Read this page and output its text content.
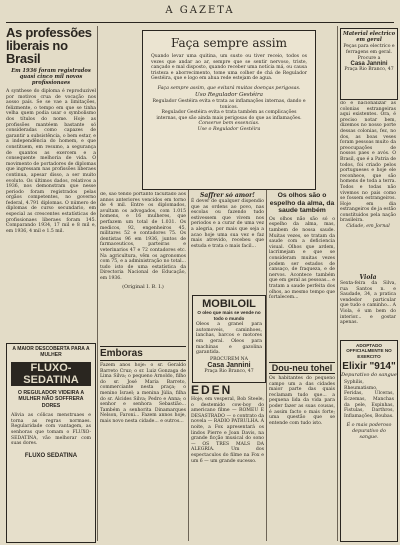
A GAZETA
As professões liberais no Brasil
Em 1936 foram registrados quasi cinco mil novos profissionaes
A synthese do diploma é reproduzivel por motivos crua de vocação nos aosso país. Se se vae a limitações, felizmente, o tempo em que se tinha velha quem podia usar o symbolismo dos títulos do nome. Hoje as profissões mantéem bastante só consideradas como capazes de garantir a subsistência, o bem estar, e a independência do homem, e que constituem, em resumo, a segurança de quantos as exercem e a consequente melhoria de vida. O movimento de portadores de diplomas que ingressam nas profissões liberaes continua, apesar disso, a ser muito evoluto. Os últimos dados, relativos a 1936, nos demonstram que nesse periodo foram registrados pelas orgãos competentes, no governo federal, 4.791 diplomas. O número de diplomas de curso secundario, em especial as crescentes estatísticas de profissionaes liberaes foram 145. Comparando 1934, 17 mil e 8 mil e, em 1936, 4 mil e 1.5 mil.
A MAIOR DESCOBERTA PARA A MULHER
FLUXO-SEDATINA
O REGULADOR VIDEIRA A MULHER NÃO SOFFRERA DORES
Alivia as cólicas menstruaes e torna as regras normaes. Regularidade com vantagem, as senhoras que tomam o FLUXO-SEDATINA, vão melhorar com suas dores.
FLUXO SEDATINA
Faça sempre assim
Quando levar uma quitina, um susto ou tiver receio, todos os vezes que andar ao ar, sempre que se sentir nervoso, triste, cançado e mal disposto, quando receber uma notícia má, ou causa tristeza e aborrecimento, tome uma colher de chá de Regulador Gestéira, que e logo em ahua rede estejam de agua.
Faça sempre assim, que evitará muitas doenças perigosas.
Uso Regulador Gestéira
Regulador Gestéira evita e trata as inflamações internas, dando e tonicos.
Regulador Gestéira evita e trata também as complicações internas, que são ainda mais perigosas do que as inflamações.
Conserve bem essencias.
Use o Regulador Gestéira
de, são tendo portanto facultado aos annos anteriores vencidos em torno de 4 mil. Entre os diplomados, avultam os advogados, com 1.015 homens, e 16 mulheres, que perfazem um total de 1.031. Os medicos, 92, engenheiros 45, militares 52 e contadores 75. Os dentistas 96 em 1936, juntos de farmaceuticos, parteiras e veterinarios 47 e 72 contadores etc. Na agricultura, vêm os agronomos com 75, e a administração no total... tudo isto de uma estatística da Directoria Nacional de Educação, em 1936.
(Original I. B. I.)
Emboras
Fazem anos hoje: o sr. Geraldo Barreto Cruz; o sr. Luiz Gonzaga de Lima Silva; o pequeno Arnoldo, filho do sr. José Maria Barreto, commerciante nesta praça; o menino Israel; a menina Júlia, filha do sr. Alcides Silva; Pedro e Anna; o senhor e senhora Sebastião... Também a senhorita Dinamarques Nelson, Faroni... Fazem annos hoje, mais novo nesta cidade... e outros...
Saffrer só amor!
É dever de qualquer dispendio que as ordens ao povo, nas escolas ou fazendo tudo estivessem que vivem nos periodos e a curar de uma vez a alegria, por mais que seja a acao hoje uma sua vez e faz mais atrevido, recebeu que estuda e trata o mais facil...
MOBILOIL
O oleo que mais se vende no todo o mundo
Oleos a granel para automoveis, caminhoes, lanchas, barcos e motores em geral. Oleos para machinas e gazolina garantida.
PROCUREM NA
Casa Jannini
Praça Rio Branco, 47
EDEN
Hoje, em vesperal, Bob Steele, o destemido cow-boy do americano filme — ROMEU E DESASTRADO — o contrato da novela — RADIO PATRULHA. À noite, a Fox apresentará os lindos Pierre e Joan Davis, na grande ficção musical do sono — OS TRES MALS DA ALEGRIA. Um dos espectaculos do filme na Fox e um 6 — um grande sucesso.
Os olhos são o espelho da alma, da saude também
Os olhos não são só o espelho da alma, mas, tambem de nossa saude. Muitas vezes, se tratam da saude com a deficiencia visual. Olhos que ardem, lacrimejam e que se consideram muitas vezes podem ser estados de cansaço, de fraqueza, e de nervos. Acontece também que em geral as pessoas... e tratam a saude perfeita dos olhos, ao mesmo tempo que fortalecem...
Dou-neu tohel
Os habitantes do pequeno campo um a das cidades maior parte das quais reclamam tudo que... a pequena lida da vida para poder fazer as suas cousas, é assim facto o mais forte; uma questão que se entende com tudo isto.
Material electrico em geral
Peças para electrico e ferragens em geral.
Procure a
Casa Jannini
Praça Rio Branco, 47
do e nacionalizar as colonias estrangeiras aqui existentes. Ora, é preciso notar bem, dizemos no nosso porte dessas colonias, fez, no dos, as boas veses foram pessoas muito da preocupações de nossos paes e avós. O Brasil, que é a Patria de todos, foi criado pelos portugueses e hoje ele reconhece, que são homens de toda a terra. Todos e todas não vivemos no pais como se fossem estrangeiros. Hoje em dia estrangeiros de ja estão constituidos pela nação brasileira.
Cidade, em Jornal
Viola
Sexta-feira da Silva, rua Santos n. e Saudade, 34, a pratica vendedor particular que tudo o caminho... A Viola, é um bem do interior... e gostar apenas.
ADOPTADO OFFICIALMENTE NO EXERCITO
Elixir "914"
Depurativo do sangue
Syphilis, Rheumatismo, Feridas, Ulceras, Eczemas, Manchas da pele, Espinhas, Fistulas, Darthros, Inflamações, Boubas.
É o mais poderoso depurativo do sangue.
